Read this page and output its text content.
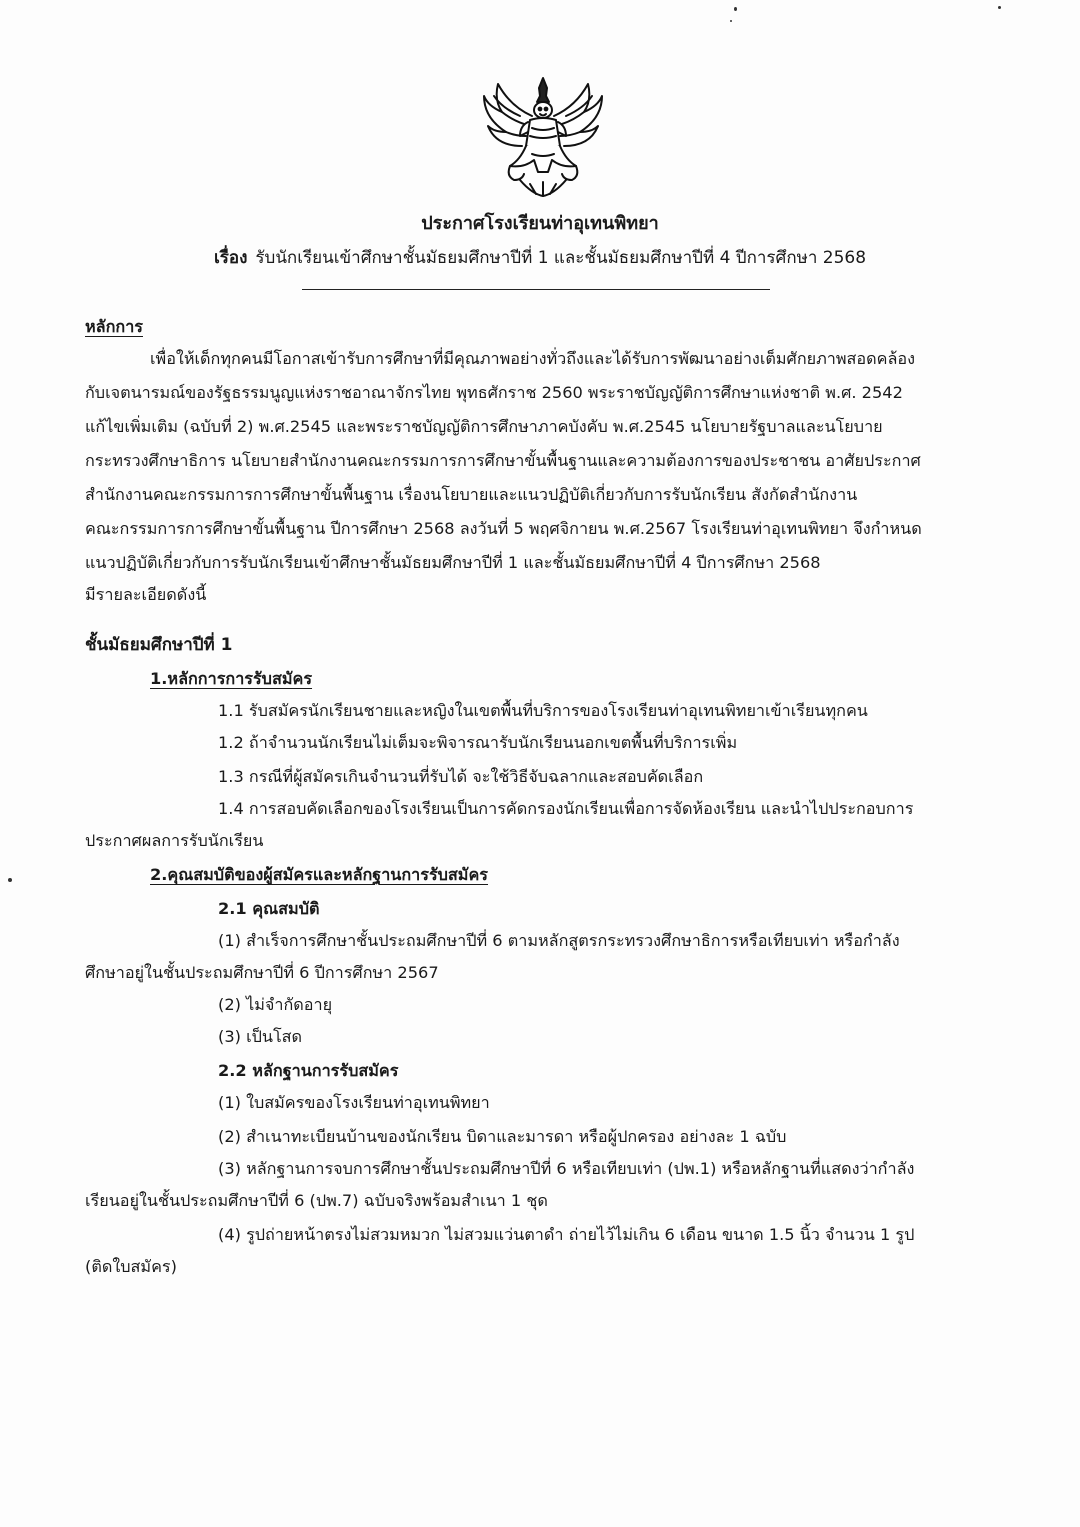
ประกาศโรงเรียนท่าอุเทนพิทยา
เรื่อง รับนักเรียนเข้าศึกษาชั้นมัธยมศึกษาปีที่ 1 และชั้นมัธยมศึกษาปีที่ 4 ปีการศึกษา 2568
หลักการ
เพื่อให้เด็กทุกคนมีโอกาสเข้ารับการศึกษาที่มีคุณภาพอย่างทั่วถึงและได้รับการพัฒนาอย่างเต็มศักยภาพสอดคล้อง
กับเจตนารมณ์ของรัฐธรรมนูญแห่งราชอาณาจักรไทย พุทธศักราช 2560 พระราชบัญญัติการศึกษาแห่งชาติ พ.ศ. 2542
แก้ไขเพิ่มเติม (ฉบับที่ 2) พ.ศ.2545 และพระราชบัญญัติการศึกษาภาคบังคับ พ.ศ.2545 นโยบายรัฐบาลและนโยบาย
กระทรวงศึกษาธิการ นโยบายสำนักงานคณะกรรมการการศึกษาขั้นพื้นฐานและความต้องการของประชาชน อาศัยประกาศ
สำนักงานคณะกรรมการการศึกษาขั้นพื้นฐาน เรื่องนโยบายและแนวปฏิบัติเกี่ยวกับการรับนักเรียน สังกัดสำนักงาน
คณะกรรมการการศึกษาขั้นพื้นฐาน ปีการศึกษา 2568 ลงวันที่ 5 พฤศจิกายน พ.ศ.2567 โรงเรียนท่าอุเทนพิทยา จึงกำหนด
แนวปฏิบัติเกี่ยวกับการรับนักเรียนเข้าศึกษาชั้นมัธยมศึกษาปีที่ 1 และชั้นมัธยมศึกษาปีที่ 4 ปีการศึกษา 2568
มีรายละเอียดดังนี้
ชั้นมัธยมศึกษาปีที่ 1
1.หลักการการรับสมัคร
1.1 รับสมัครนักเรียนชายและหญิงในเขตพื้นที่บริการของโรงเรียนท่าอุเทนพิทยาเข้าเรียนทุกคน
1.2 ถ้าจำนวนนักเรียนไม่เต็มจะพิจารณารับนักเรียนนอกเขตพื้นที่บริการเพิ่ม
1.3 กรณีที่ผู้สมัครเกินจำนวนที่รับได้ จะใช้วิธีจับฉลากและสอบคัดเลือก
1.4 การสอบคัดเลือกของโรงเรียนเป็นการคัดกรองนักเรียนเพื่อการจัดห้องเรียน และนำไปประกอบการ
ประกาศผลการรับนักเรียน
2.คุณสมบัติของผู้สมัครและหลักฐานการรับสมัคร
2.1 คุณสมบัติ
(1) สำเร็จการศึกษาชั้นประถมศึกษาปีที่ 6 ตามหลักสูตรกระทรวงศึกษาธิการหรือเทียบเท่า หรือกำลัง
ศึกษาอยู่ในชั้นประถมศึกษาปีที่ 6 ปีการศึกษา 2567
(2) ไม่จำกัดอายุ
(3) เป็นโสด
2.2 หลักฐานการรับสมัคร
(1) ใบสมัครของโรงเรียนท่าอุเทนพิทยา
(2) สำเนาทะเบียนบ้านของนักเรียน บิดาและมารดา หรือผู้ปกครอง อย่างละ 1 ฉบับ
(3) หลักฐานการจบการศึกษาชั้นประถมศึกษาปีที่ 6 หรือเทียบเท่า (ปพ.1) หรือหลักฐานที่แสดงว่ากำลัง
เรียนอยู่ในชั้นประถมศึกษาปีที่ 6 (ปพ.7) ฉบับจริงพร้อมสำเนา 1 ชุด
(4) รูปถ่ายหน้าตรงไม่สวมหมวก ไม่สวมแว่นตาดำ ถ่ายไว้ไม่เกิน 6 เดือน ขนาด 1.5 นิ้ว จำนวน 1 รูป
(ติดใบสมัคร)
